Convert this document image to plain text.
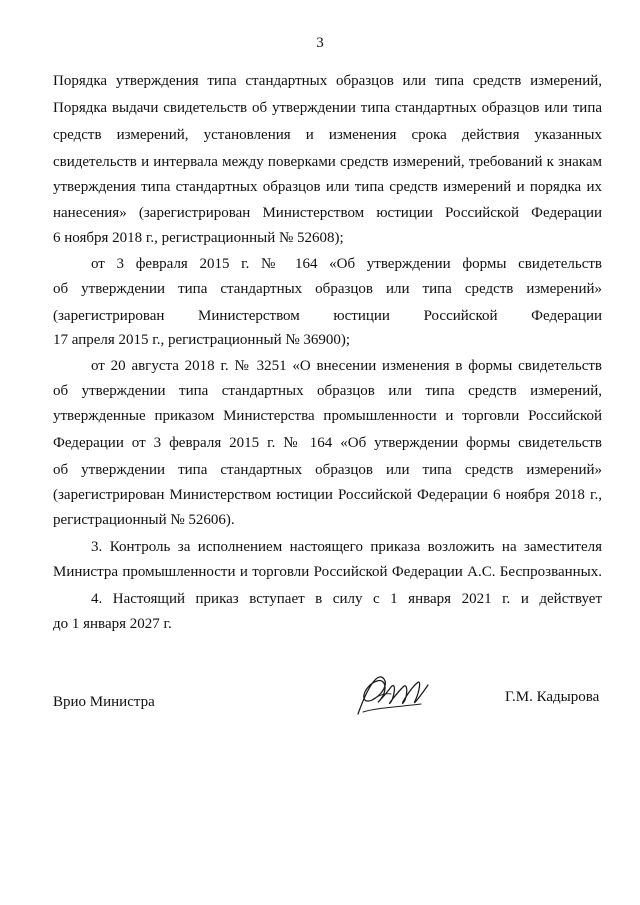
3
Порядка утверждения типа стандартных образцов или типа средств измерений,
Порядка выдачи свидетельств об утверждении типа стандартных образцов или типа
средств измерений, установления и изменения срока действия указанных
свидетельств и интервала между поверками средств измерений, требований к знакам
утверждения типа стандартных образцов или типа средств измерений и порядка их
нанесения» (зарегистрирован Министерством юстиции Российской Федерации
6 ноября 2018 г., регистрационный № 52608);
от 3 февраля 2015 г. № 164 «Об утверждении формы свидетельств
об утверждении типа стандартных образцов или типа средств измерений»
(зарегистрирован Министерством юстиции Российской Федерации
17 апреля 2015 г., регистрационный № 36900);
от 20 августа 2018 г. № 3251 «О внесении изменения в формы свидетельств
об утверждении типа стандартных образцов или типа средств измерений,
утвержденные приказом Министерства промышленности и торговли Российской
Федерации от 3 февраля 2015 г. № 164 «Об утверждении формы свидетельств
об утверждении типа стандартных образцов или типа средств измерений»
(зарегистрирован Министерством юстиции Российской Федерации 6 ноября 2018 г.,
регистрационный № 52606).
3. Контроль за исполнением настоящего приказа возложить на заместителя
Министра промышленности и торговли Российской Федерации А.С. Беспрозванных.
4. Настоящий приказ вступает в силу с 1 января 2021 г. и действует
до 1 января 2027 г.
Врио Министра	Г.М. Кадырова
